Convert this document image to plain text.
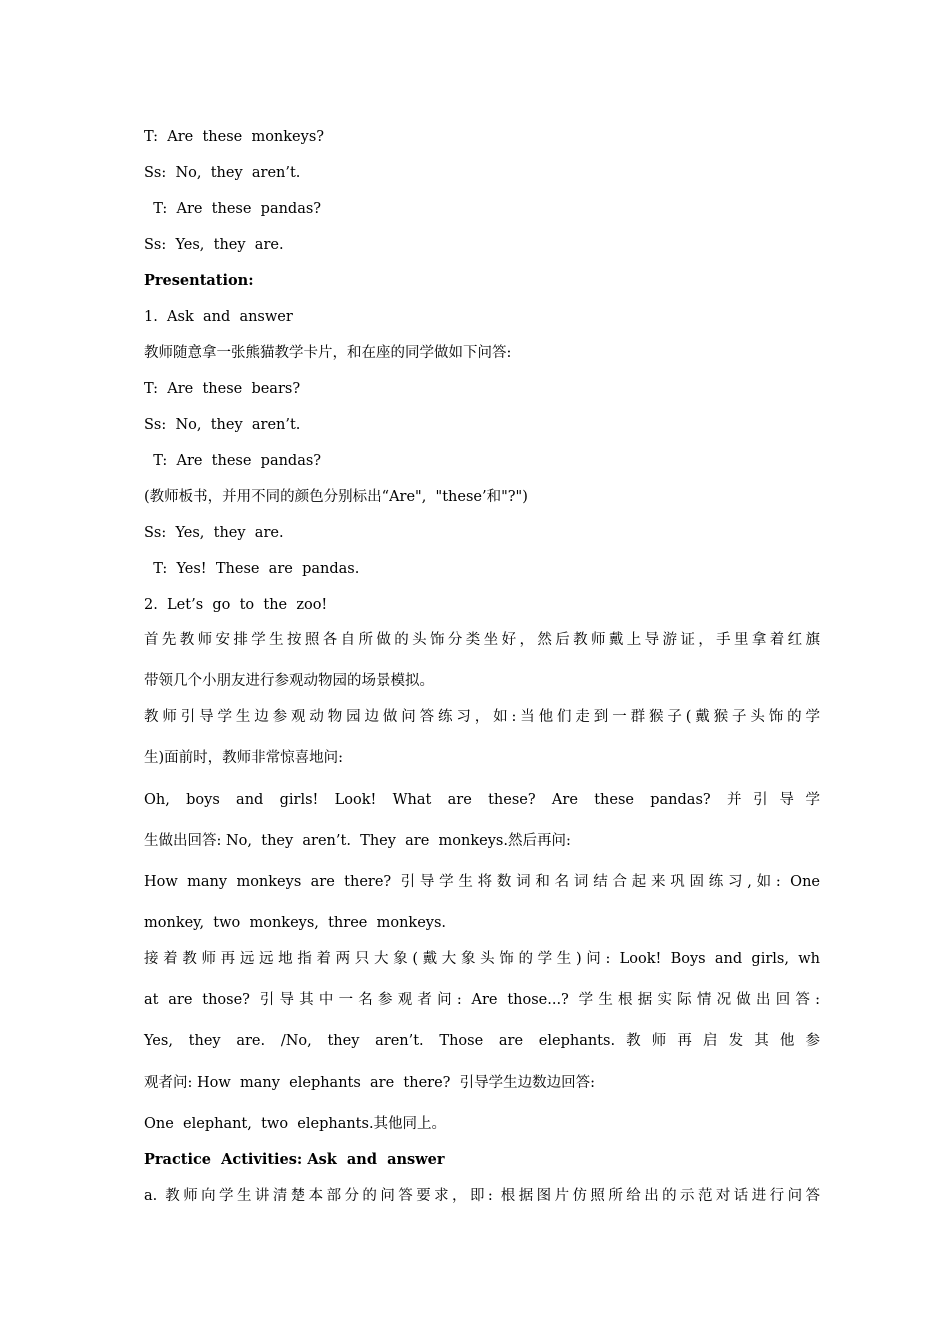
T:  Are  these  monkeys?

Ss:  No,  they  aren’t.

T:  Are  these  pandas?

Ss:  Yes,  they  are.

Presentation:

1.  Ask  and  answer

教师随意拿一张熊猫教学卡片，和在座的同学做如下问答:

T:  Are  these  bears?

Ss:  No,  they  aren’t.

T:  Are  these  pandas?

(教师板书，并用不同的颜色分别标出“Are",  "these’和"?")

Ss:  Yes,  they  are.

T:  Yes!  These  are  pandas.

2.  Let’s  go  to  the  zoo!

首先教师安排学生按照各自所做的头饰分类坐好，然后教师戴上导游证，手里拿着红旗

带领几个小朋友进行参观动物园的场景模拟。

教师引导学生边参观动物园边做问答练习，如:当他们走到一群猴子(戴猴子头饰的学

生)面前时，教师非常惊喜地问:

Oh, boys and girls! Look! What are these? Are these pandas? 并引导学

生做出回答: No,  they  aren’t.  They  are  monkeys.然后再问:

How many monkeys are there? 引导学生将数词和名词结合起来巩固练习,如: One

monkey,  two  monkeys,  three  monkeys.

接着教师再远远地指着两只大象(戴大象头饰的学生)问: Look! Boys and girls, wh

at are those? 引导其中一名参观者问: Are those...? 学生根据实际情况做出回答:

Yes, they are. /No, they aren’t. Those are elephants.教师再启发其他参

观者问: How  many  elephants  are  there?  引导学生边数边回答:

One  elephant,  two  elephants.其他同上。

Practice  Activities: Ask  and  answer

a. 教师向学生讲清楚本部分的问答要求，即: 根据图片仿照所给出的示范对话进行问答
